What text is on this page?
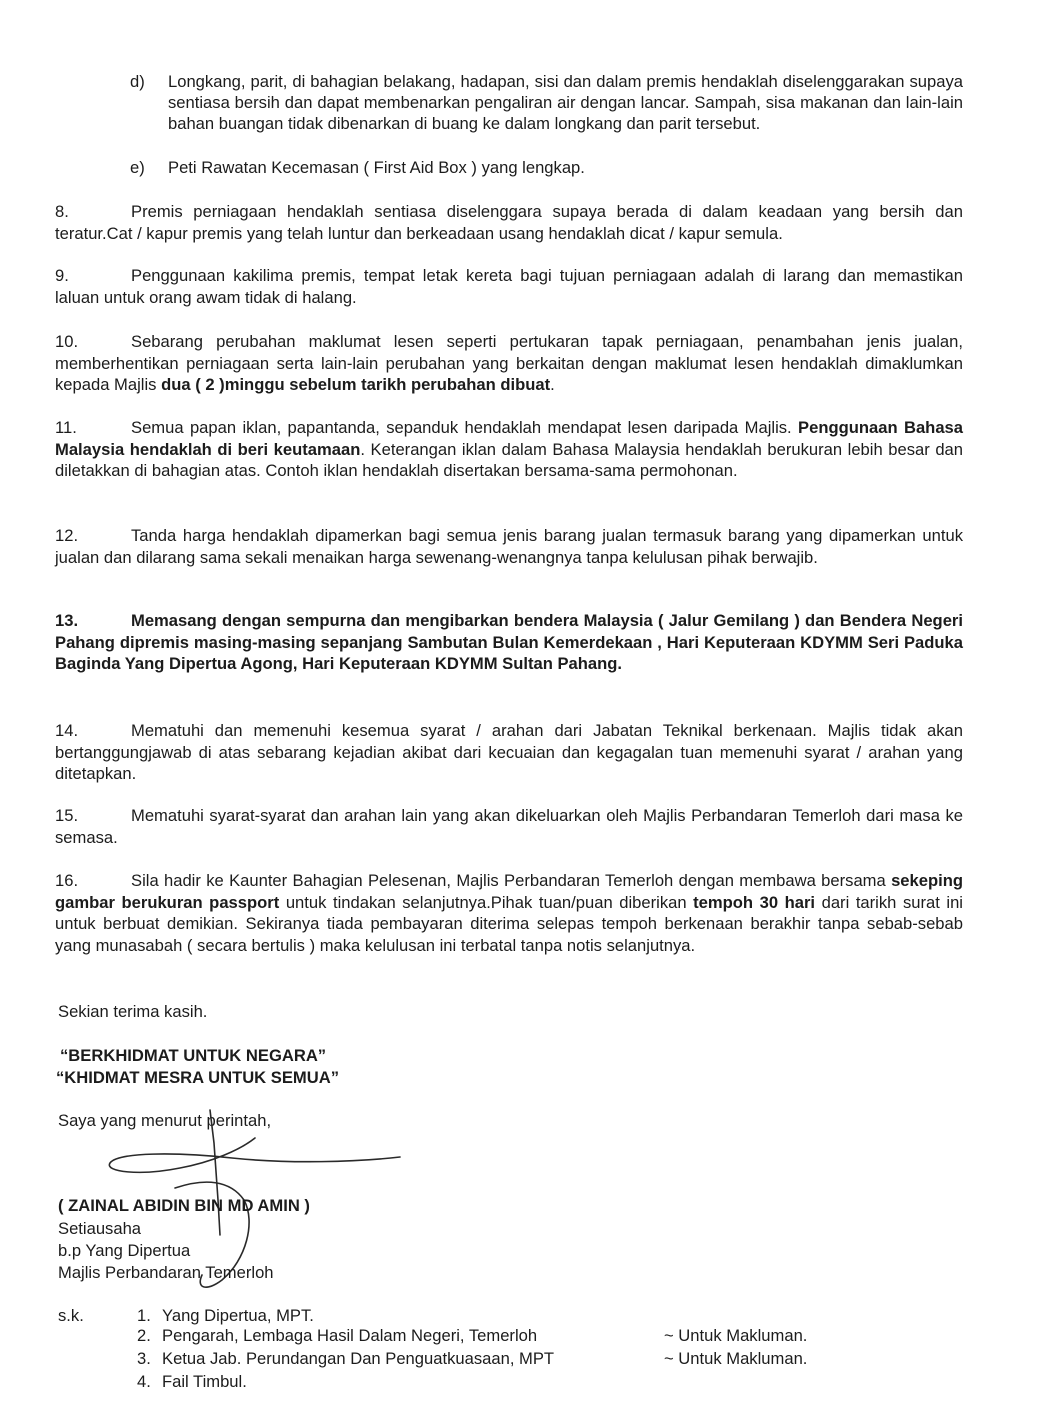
d) Longkang, parit, di bahagian belakang, hadapan, sisi dan dalam premis hendaklah diselenggarakan supaya sentiasa bersih dan dapat membenarkan pengaliran air dengan lancar. Sampah, sisa makanan dan lain-lain bahan buangan tidak dibenarkan di buang ke dalam longkang dan parit tersebut.
e) Peti Rawatan Kecemasan ( First Aid Box ) yang lengkap.
8.	Premis perniagaan hendaklah sentiasa diselenggara supaya berada di dalam keadaan yang bersih dan teratur.Cat / kapur premis yang telah luntur dan berkeadaan usang hendaklah dicat / kapur semula.
9.	Penggunaan kakilima premis, tempat letak kereta bagi tujuan perniagaan adalah di larang dan memastikan laluan untuk orang awam tidak di halang.
10.	Sebarang perubahan maklumat lesen seperti pertukaran tapak perniagaan, penambahan jenis jualan, memberhentikan perniagaan serta lain-lain perubahan yang berkaitan dengan maklumat lesen hendaklah dimaklumkan kepada Majlis dua ( 2 )minggu sebelum tarikh perubahan dibuat.
11.	Semua papan iklan, papantanda, sepanduk hendaklah mendapat lesen daripada Majlis. Penggunaan Bahasa Malaysia hendaklah di beri keutamaan. Keterangan iklan dalam Bahasa Malaysia hendaklah berukuran lebih besar dan diletakkan di bahagian atas. Contoh iklan hendaklah disertakan bersama-sama permohonan.
12.	Tanda harga hendaklah dipamerkan bagi semua jenis barang jualan termasuk barang yang dipamerkan untuk jualan dan dilarang sama sekali menaikan harga sewenang-wenangnya tanpa kelulusan pihak berwajib.
13.	Memasang dengan sempurna dan mengibarkan bendera Malaysia ( Jalur Gemilang ) dan Bendera Negeri Pahang dipremis masing-masing sepanjang Sambutan Bulan Kemerdekaan , Hari Keputeraan KDYMM Seri Paduka Baginda Yang Dipertua Agong, Hari Keputeraan KDYMM Sultan Pahang.
14.	Mematuhi dan memenuhi kesemua syarat / arahan dari Jabatan Teknikal berkenaan. Majlis tidak akan bertanggungjawab di atas sebarang kejadian akibat dari kecuaian dan kegagalan tuan memenuhi syarat / arahan yang ditetapkan.
15.	Mematuhi syarat-syarat dan arahan lain yang akan dikeluarkan oleh Majlis Perbandaran Temerloh dari masa ke semasa.
16.	Sila hadir ke Kaunter Bahagian Pelesenan, Majlis Perbandaran Temerloh dengan membawa bersama sekeping gambar berukuran passport untuk tindakan selanjutnya.Pihak tuan/puan diberikan tempoh 30 hari dari tarikh surat ini untuk berbuat demikian. Sekiranya tiada pembayaran diterima selepas tempoh berkenaan berakhir tanpa sebab-sebab yang munasabah ( secara bertulis ) maka kelulusan ini terbatal tanpa notis selanjutnya.
Sekian terima kasih.
“BERKHIDMAT UNTUK NEGARA”
“KHIDMAT MESRA UNTUK SEMUA”
Saya yang menurut perintah,
( ZAINAL ABIDIN BIN MD AMIN )
Setiausaha
b.p Yang Dipertua
Majlis Perbandaran Temerloh
s.k.	1. Yang Dipertua, MPT.
2. Pengarah, Lembaga Hasil Dalam Negeri, Temerloh	~ Untuk Makluman.
3. Ketua Jab. Perundangan Dan Penguatkuasaan, MPT	~ Untuk Makluman.
4. Fail Timbul.
